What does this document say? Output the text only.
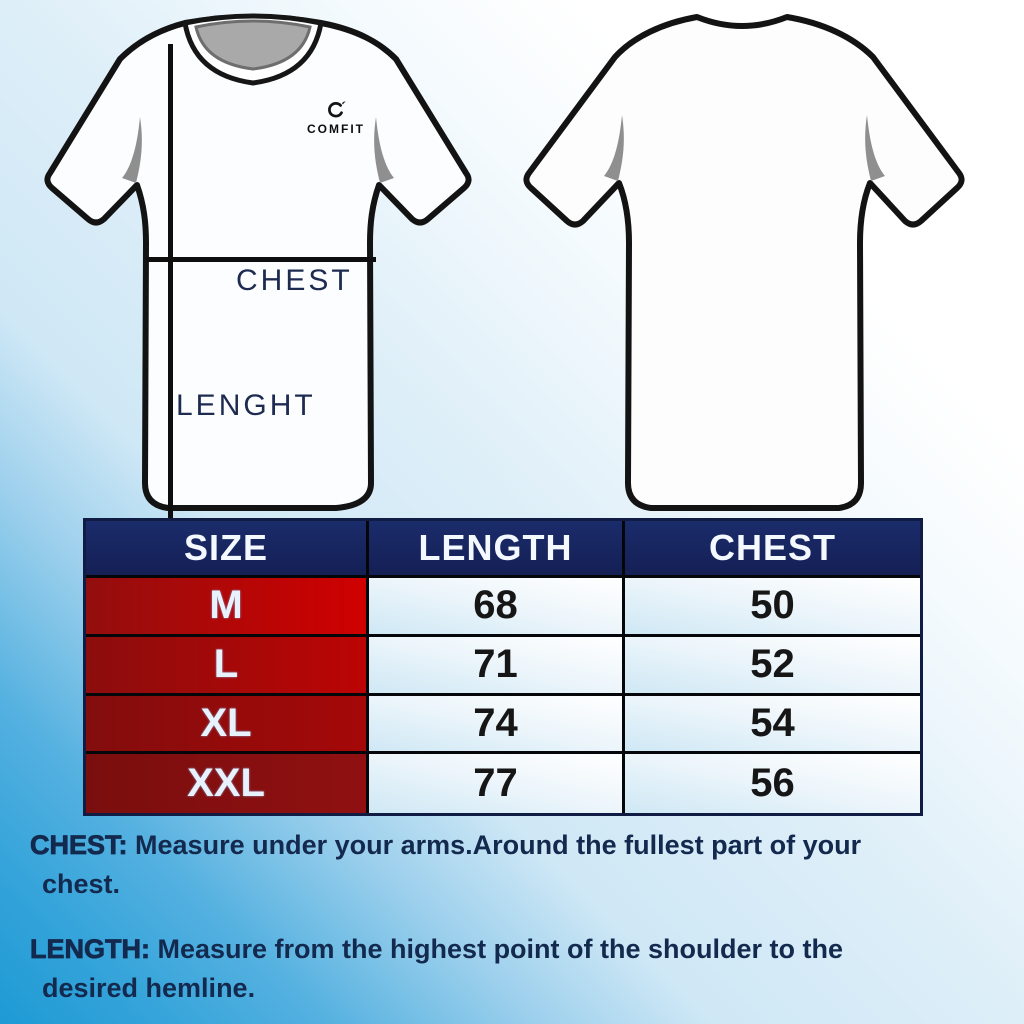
COMFIT
CHEST
LENGHT
SIZE	LENGTH	CHEST
M	68	50
L	71	52
XL	74	54
XXL	77	56
CHEST: Measure under your arms.Around the fullest part of your
chest.
LENGTH: Measure from the highest point of the shoulder to the
desired hemline.
